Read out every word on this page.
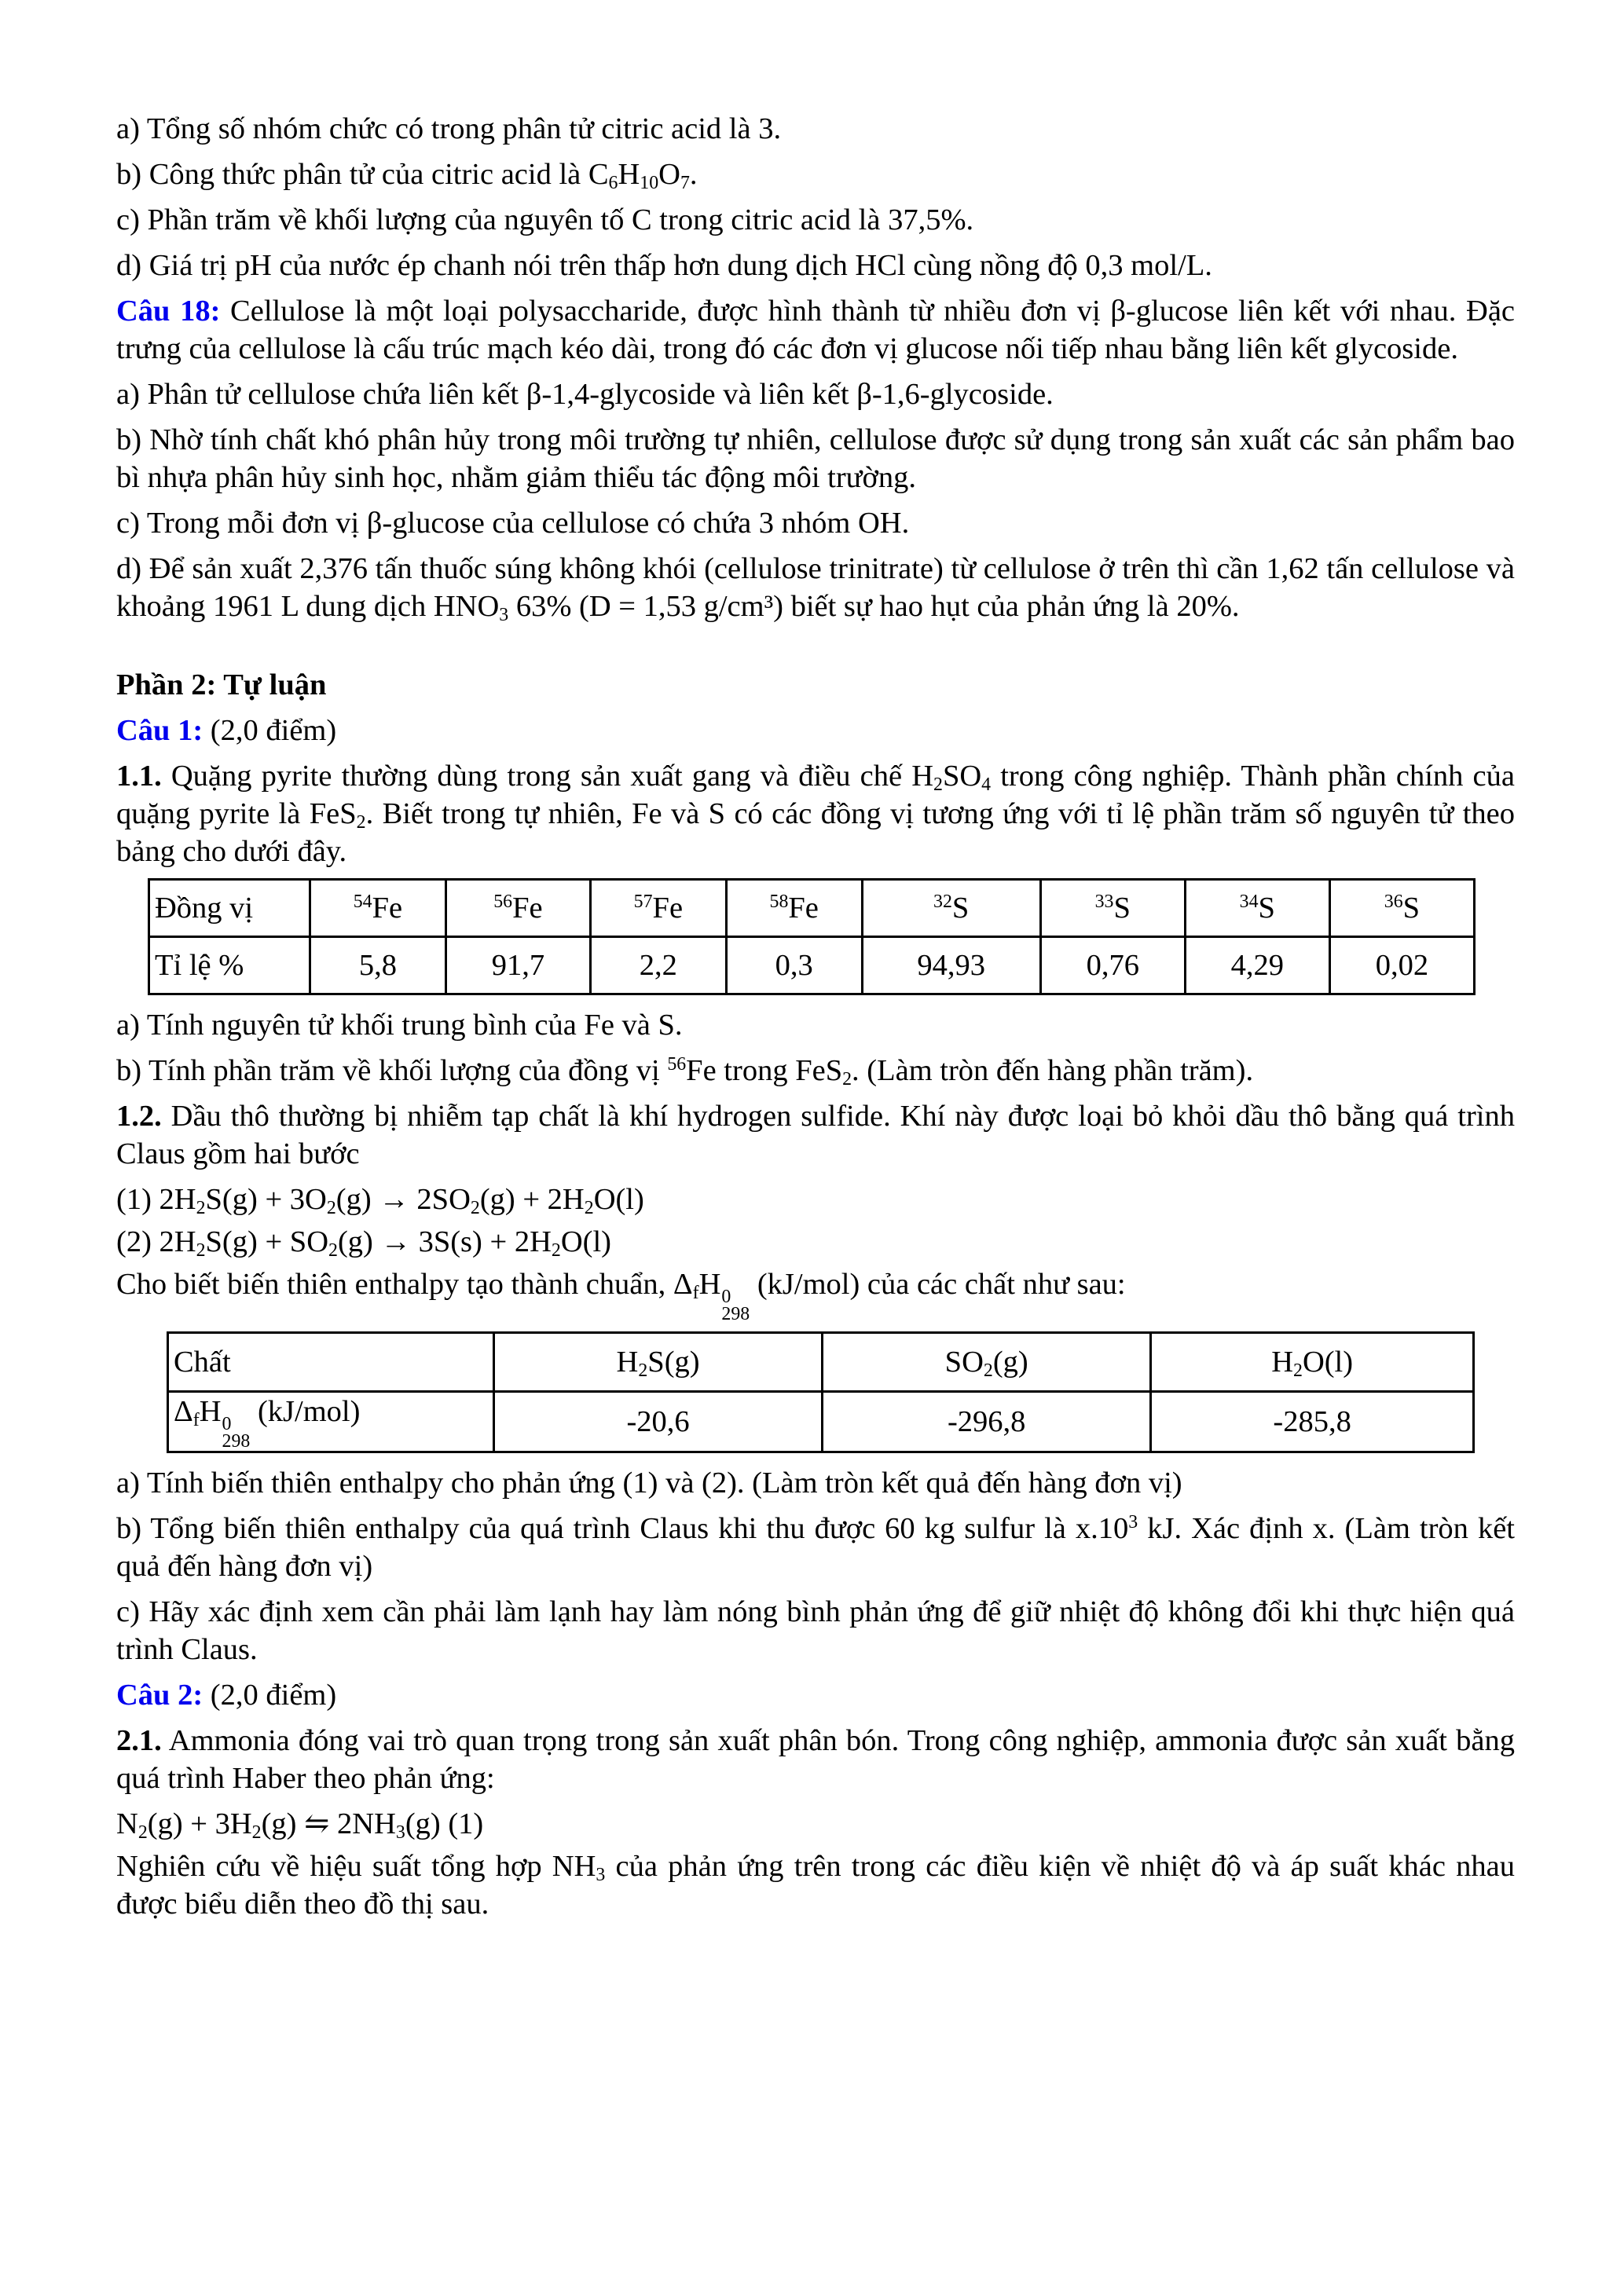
a) Tổng số nhóm chức có trong phân tử citric acid là 3.

b) Công thức phân tử của citric acid là $C_6H_{10}O_7$.

c) Phần trăm về khối lượng của nguyên tố C trong citric acid là 37,5%.

d) Giá trị pH của nước ép chanh nói trên thấp hơn dung dịch HCl cùng nồng độ 0,3 mol/L.

Câu 18: Cellulose là một loại polysaccharide, được hình thành từ nhiều đơn vị β-glucose liên kết với nhau. Đặc trưng của cellulose là cấu trúc mạch kéo dài, trong đó các đơn vị glucose nối tiếp nhau bằng liên kết glycoside.

a) Phân tử cellulose chứa liên kết β-1,4-glycoside và liên kết β-1,6-glycoside.

b) Nhờ tính chất khó phân hủy trong môi trường tự nhiên, cellulose được sử dụng trong sản xuất các sản phẩm bao bì nhựa phân hủy sinh học, nhằm giảm thiểu tác động môi trường.

c) Trong mỗi đơn vị β-glucose của cellulose có chứa 3 nhóm OH.

d) Để sản xuất 2,376 tấn thuốc súng không khói (cellulose trinitrate) từ cellulose ở trên thì cần 1,62 tấn cellulose và khoảng 1961 L dung dịch $HNO_3$ 63% (D = 1,53 g/cm³) biết sự hao hụt của phản ứng là 20%.

Phần 2: Tự luận

Câu 1: (2,0 điểm)

1.1. Quặng pyrite thường dùng trong sản xuất gang và điều chế $H_2SO_4$ trong công nghiệp. Thành phần chính của quặng pyrite là FeS$_2$. Biết trong tự nhiên, Fe và S có các đồng vị tương ứng với tỉ lệ phần trăm số nguyên tử theo bảng cho dưới đây.

Đồng vị	$^{54}$Fe	$^{56}$Fe	$^{57}$Fe	$^{58}$Fe	$^{32}$S	$^{33}$S	$^{34}$S	$^{36}$S
Tỉ lệ %	5,8	91,7	2,2	0,3	94,93	0,76	4,29	0,02

a) Tính nguyên tử khối trung bình của Fe và S.

b) Tính phần trăm về khối lượng của đồng vị $^{56}$Fe trong FeS$_2$. (Làm tròn đến hàng phần trăm).

1.2. Dầu thô thường bị nhiễm tạp chất là khí hydrogen sulfide. Khí này được loại bỏ khỏi dầu thô bằng quá trình Claus gồm hai bước

(1) $2H_2S(g) + 3O_2(g) \to 2SO_2(g) + 2H_2O(l)$

(2) $2H_2S(g) + SO_2(g) \to 3S(s) + 2H_2O(l)$

Cho biết biến thiên enthalpy tạo thành chuẩn, $\Delta_fH$ 0
298
(kJ/mol) của các chất như sau:

Chất	$H_2S(g)$	$SO_2(g)$	$H_2O(l)$
$\Delta_fH$ 0
298
(kJ/mol)	-20,6	-296,8	-285,8

a) Tính biến thiên enthalpy cho phản ứng (1) và (2). (Làm tròn kết quả đến hàng đơn vị)

b) Tổng biến thiên enthalpy của quá trình Claus khi thu được 60 kg sulfur là $x.10^3$ kJ. Xác định x. (Làm tròn kết quả đến hàng đơn vị)

c) Hãy xác định xem cần phải làm lạnh hay làm nóng bình phản ứng để giữ nhiệt độ không đổi khi thực hiện quá trình Claus.

Câu 2: (2,0 điểm)

2.1. Ammonia đóng vai trò quan trọng trong sản xuất phân bón. Trong công nghiệp, ammonia được sản xuất bằng quá trình Haber theo phản ứng:

$N_2(g) + 3H_2(g)$ ⇋ $2NH_3(g)$ (1)

Nghiên cứu về hiệu suất tổng hợp $NH_3$ của phản ứng trên trong các điều kiện về nhiệt độ và áp suất khác nhau được biểu diễn theo đồ thị sau.
